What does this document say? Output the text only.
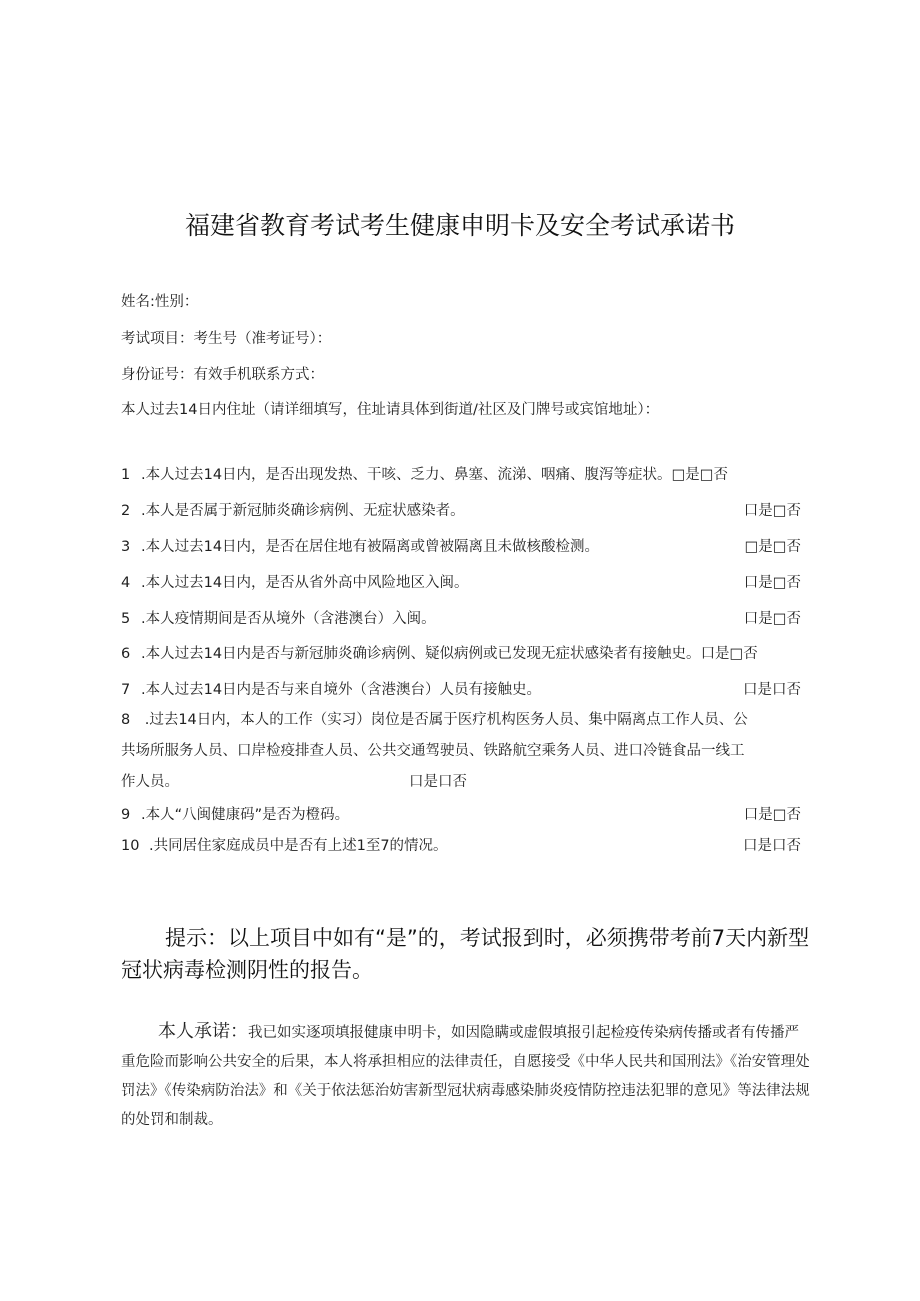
福建省教育考试考生健康申明卡及安全考试承诺书
姓名:性别：
考试项目：考生号（准考证号）：
身份证号：有效手机联系方式：
本人过去14日内住址（请详细填写，住址请具体到街道/社区及门牌号或宾馆地址）：
1 .本人过去14日内，是否出现发热、干咳、乏力、鼻塞、流涕、咽痛、腹泻等症状。□是□否
2 .本人是否属于新冠肺炎确诊病例、无症状感染者。	口是□否
3 .本人过去14日内，是否在居住地有被隔离或曾被隔离且未做核酸检测。	□是□否
4 .本人过去14日内，是否从省外高中风险地区入闽。	口是□否
5 .本人疫情期间是否从境外（含港澳台）入闽。	口是□否
6 .本人过去14日内是否与新冠肺炎确诊病例、疑似病例或已发现无症状感染者有接触史。口是□否
7 .本人过去14日内是否与来自境外（含港澳台）人员有接触史。	口是口否
8　.过去14日内，本人的工作（实习）岗位是否属于医疗机构医务人员、集中隔离点工作人员、公
共场所服务人员、口岸检疫排查人员、公共交通驾驶员、铁路航空乘务人员、进口冷链食品一线工
作人员。	口是口否
9 .本人“八闽健康码”是否为橙码。	口是□否
10 .共同居住家庭成员中是否有上述1至7的情况。	口是口否
提示：以上项目中如有“是”的，考试报到时，必须携带考前7天内新型冠状病毒检测阴性的报告。
本人承诺：我已如实逐项填报健康申明卡，如因隐瞒或虚假填报引起检疫传染病传播或者有传播严重危险而影响公共安全的后果，本人将承担相应的法律责任，自愿接受《中华人民共和国刑法》《治安管理处罚法》《传染病防治法》和《关于依法惩治妨害新型冠状病毒感染肺炎疫情防控违法犯罪的意见》等法律法规的处罚和制裁。
